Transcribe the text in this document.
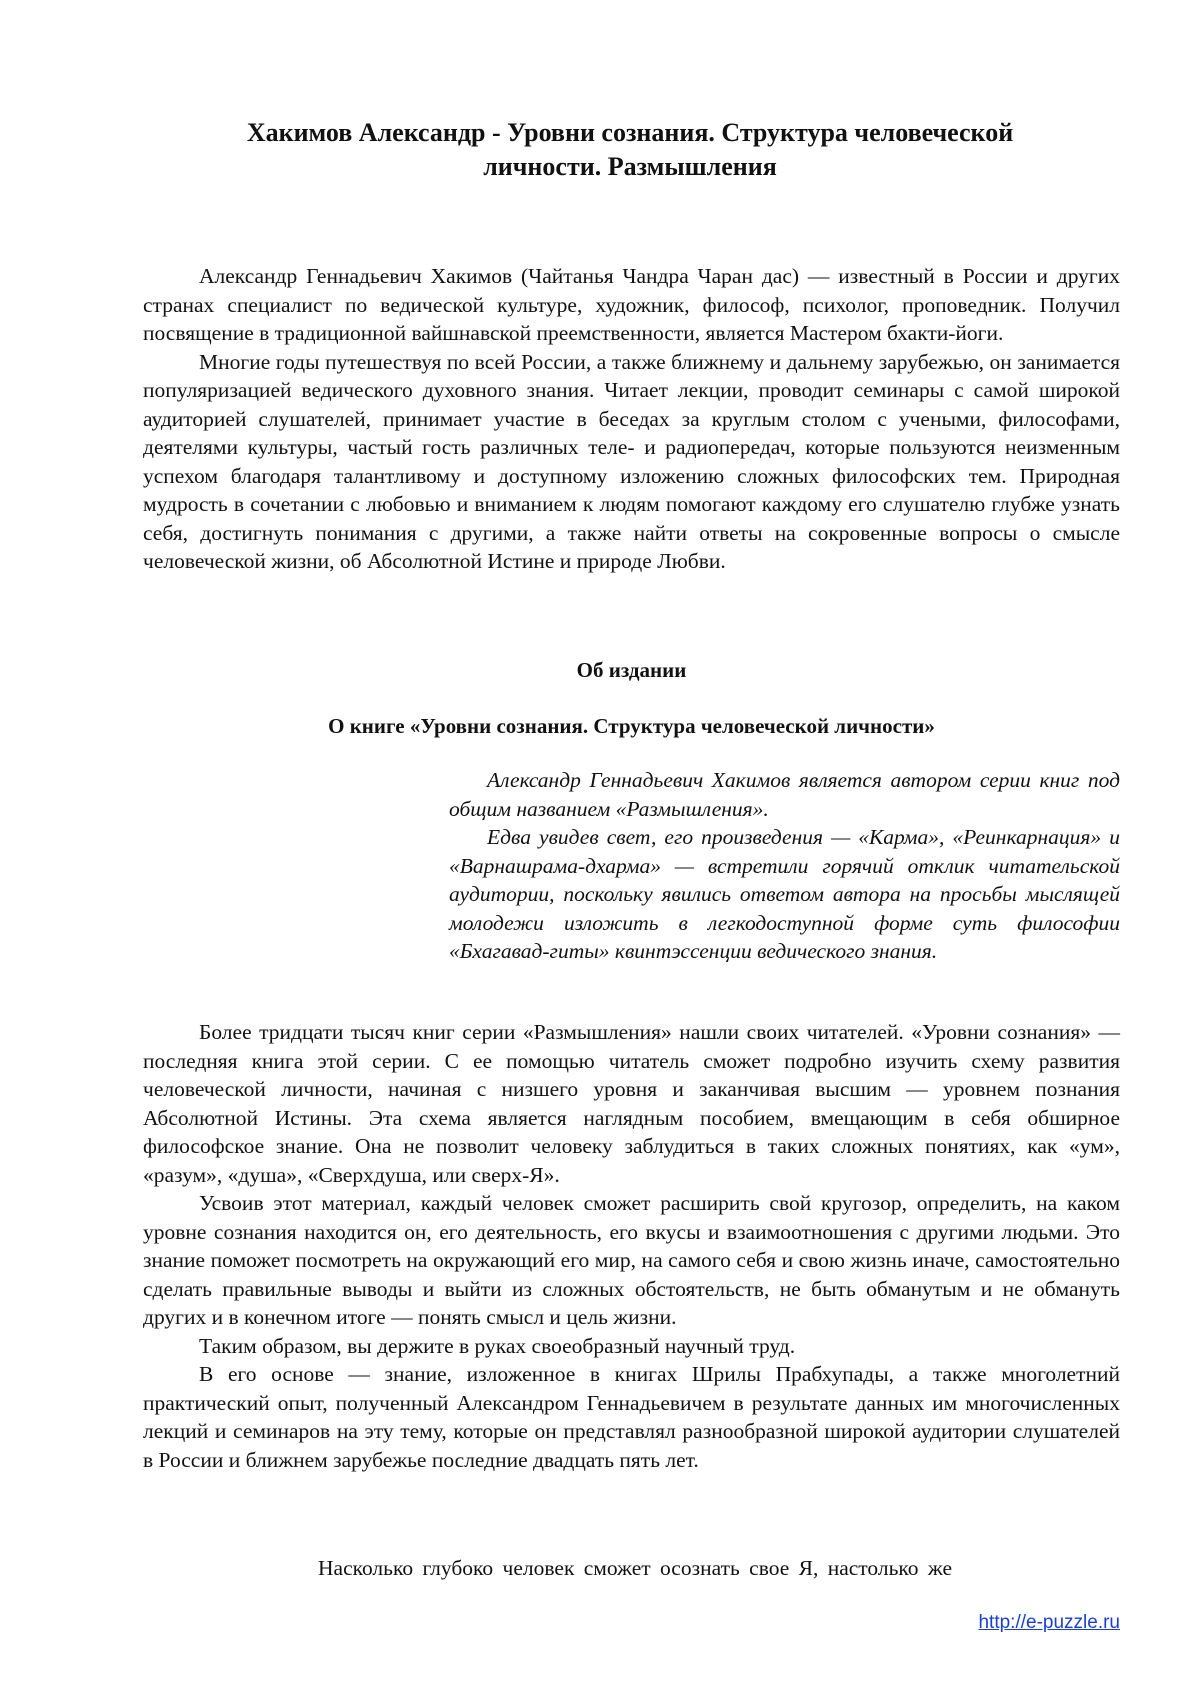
Хакимов Александр - Уровни сознания. Структура человеческой личности. Размышления

Александр Геннадьевич Хакимов (Чайтанья Чандра Чаран дас) — известный в России и других странах специалист по ведической культуре, художник, философ, психолог, проповедник. Получил посвящение в традиционной вайшнавской преемственности, является Мастером бхакти-йоги.

Многие годы путешествуя по всей России, а также ближнему и дальнему зарубежью, он занимается популяризацией ведического духовного знания. Читает лекции, проводит семинары с самой широкой аудиторией слушателей, принимает участие в беседах за круглым столом с учеными, философами, деятелями культуры, частый гость различных теле- и радиопередач, которые пользуются неизменным успехом благодаря талантливому и доступному изложению сложных философских тем. Природная мудрость в сочетании с любовью и вниманием к людям помогают каждому его слушателю глубже узнать себя, достигнуть понимания с другими, а также найти ответы на сокровенные вопросы о смысле человеческой жизни, об Абсолютной Истине и природе Любви.

Об издании
О книге «Уровни сознания. Структура человеческой личности»

Александр Геннадьевич Хакимов является автором серии книг под общим названием «Размышления».

Едва увидев свет, его произведения — «Карма», «Реинкарнация» и «Варнашрама-дхарма» — встретили горячий отклик читательской аудитории, поскольку явились ответом автора на просьбы мыслящей молодежи изложить в легкодоступной форме суть философии «Бхагавад-гиты» квинтэссенции ведического знания.

Более тридцати тысяч книг серии «Размышления» нашли своих читателей. «Уровни сознания» — последняя книга этой серии. С ее помощью читатель сможет подробно изучить схему развития человеческой личности, начиная с низшего уровня и заканчивая высшим — уровнем познания Абсолютной Истины. Эта схема является наглядным пособием, вмещающим в себя обширное философское знание. Она не позволит человеку заблудиться в таких сложных понятиях, как «ум», «разум», «душа», «Сверхдуша, или сверх-Я».

Усвоив этот материал, каждый человек сможет расширить свой кругозор, определить, на каком уровне сознания находится он, его деятельность, его вкусы и взаимоотношения с другими людьми. Это знание поможет посмотреть на окружающий его мир, на самого себя и свою жизнь иначе, самостоятельно сделать правильные выводы и выйти из сложных обстоятельств, не быть обманутым и не обмануть других и в конечном итоге — понять смысл и цель жизни.

Таким образом, вы держите в руках своеобразный научный труд.

В его основе — знание, изложенное в книгах Шрилы Прабхупады, а также многолетний практический опыт, полученный Александром Геннадьевичем в результате данных им многочисленных лекций и семинаров на эту тему, которые он представлял разнообразной широкой аудитории слушателей в России и ближнем зарубежье последние двадцать пять лет.

Насколько глубоко человек сможет осознать свое Я, настолько же

http://e-puzzle.ru
